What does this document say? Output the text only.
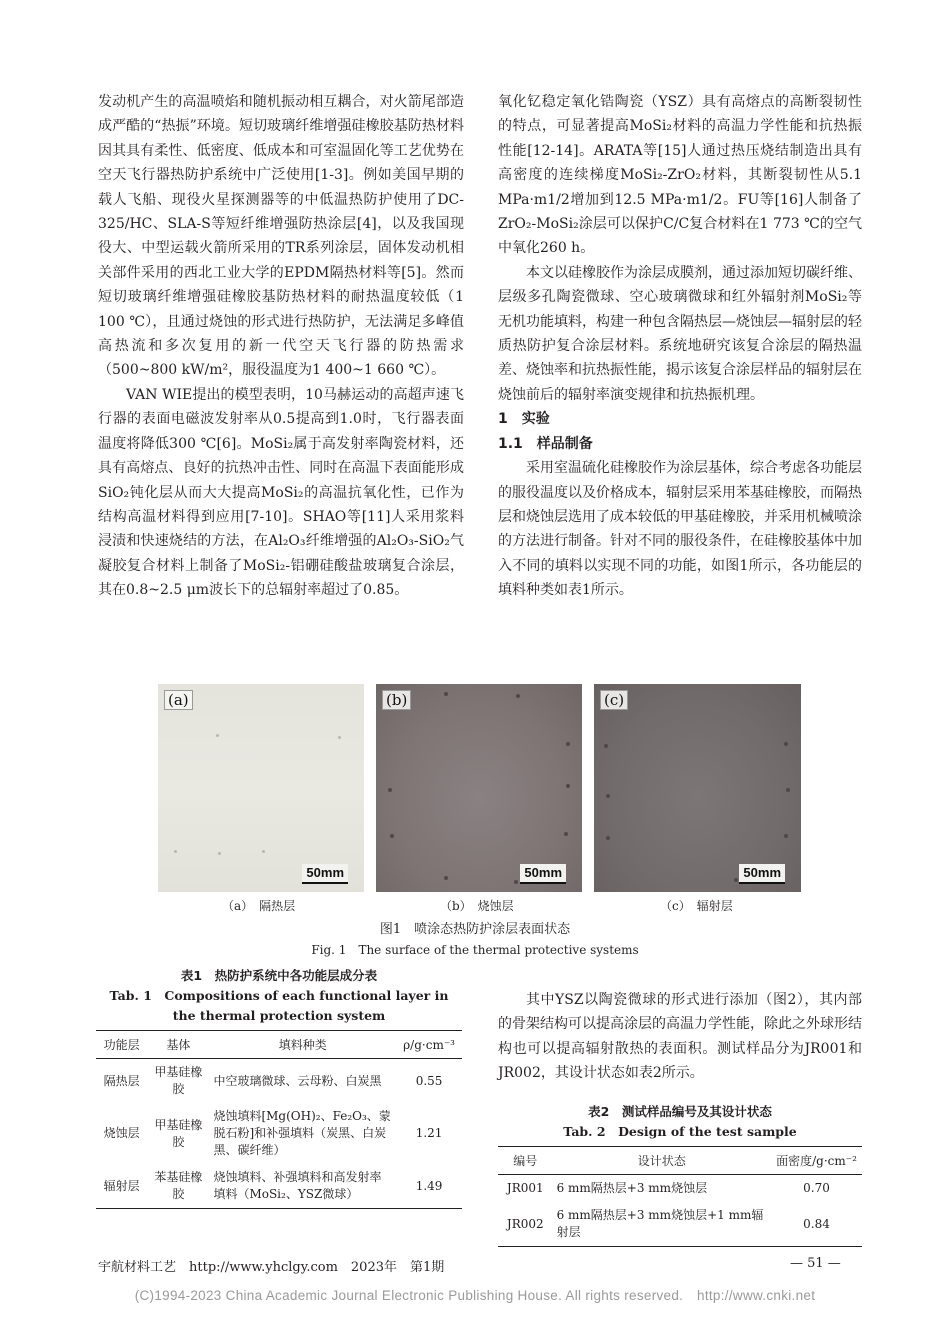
发动机产生的高温喷焰和随机振动相互耦合，对火箭尾部造成严酷的“热振”环境。短切玻璃纤维增强硅橡胶基防热材料因其具有柔性、低密度、低成本和可室温固化等工艺优势在空天飞行器热防护系统中广泛使用[1-3]。例如美国早期的载人飞船、现役火星探测器等的中低温热防护使用了DC-325/HC、SLA-S等短纤维增强防热涂层[4]，以及我国现役大、中型运载火箭所采用的TR系列涂层，固体发动机相关部件采用的西北工业大学的EPDM隔热材料等[5]。然而短切玻璃纤维增强硅橡胶基防热材料的耐热温度较低（1 100 ℃），且通过烧蚀的形式进行热防护，无法满足多峰值高热流和多次复用的新一代空天飞行器的防热需求（500~800 kW/m²，服役温度为1 400~1 660 ℃）。

VAN WIE提出的模型表明，10马赫运动的高超声速飞行器的表面电磁波发射率从0.5提高到1.0时，飞行器表面温度将降低300 ℃[6]。MoSi₂属于高发射率陶瓷材料，还具有高熔点、良好的抗热冲击性、同时在高温下表面能形成SiO₂钝化层从而大大提高MoSi₂的高温抗氧化性，已作为结构高温材料得到应用[7-10]。SHAO等[11]人采用浆料浸渍和快速烧结的方法，在Al₂O₃纤维增强的Al₂O₃-SiO₂气凝胶复合材料上制备了MoSi₂-铝硼硅酸盐玻璃复合涂层，其在0.8~2.5 μm波长下的总辐射率超过了0.85。

氧化钇稳定氧化锆陶瓷（YSZ）具有高熔点的高断裂韧性的特点，可显著提高MoSi₂材料的高温力学性能和抗热振性能[12-14]。ARATA等[15]人通过热压烧结制造出具有高密度的连续梯度MoSi₂-ZrO₂材料，其断裂韧性从5.1 MPa·m1/2增加到12.5 MPa·m1/2。FU等[16]人制备了ZrO₂-MoSi₂涂层可以保护C/C复合材料在1 773 ℃的空气中氧化260 h。

本文以硅橡胶作为涂层成膜剂，通过添加短切碳纤维、层级多孔陶瓷微球、空心玻璃微球和红外辐射剂MoSi₂等无机功能填料，构建一种包含隔热层—烧蚀层—辐射层的轻质热防护复合涂层材料。系统地研究该复合涂层的隔热温差、烧蚀率和抗热振性能，揭示该复合涂层样品的辐射层在烧蚀前后的辐射率演变规律和抗热振机理。

1　实验

1.1　样品制备

采用室温硫化硅橡胶作为涂层基体，综合考虑各功能层的服役温度以及价格成本，辐射层采用苯基硅橡胶，而隔热层和烧蚀层选用了成本较低的甲基硅橡胶，并采用机械喷涂的方法进行制备。针对不同的服役条件，在硅橡胶基体中加入不同的填料以实现不同的功能，如图1所示，各功能层的填料种类如表1所示。

(a)
50mm
(b)
50mm
(c)
50mm
（a）　隔热层	（b）　烧蚀层	（c）　辐射层
图1　喷涂态热防护涂层表面状态
Fig. 1　The surface of the thermal protective systems
表1　热防护系统中各功能层成分表
Tab. 1　Compositions of each functional layer in the thermal protection system
功能层	基体	填料种类	ρ/g·cm⁻³
隔热层	甲基硅橡胶	中空玻璃微球、云母粉、白炭黑	0.55
烧蚀层	甲基硅橡胶	烧蚀填料[Mg(OH)₂、Fe₂O₃、蒙脱石粉]和补强填料（炭黑、白炭黑、碳纤维）	1.21
辐射层	苯基硅橡胶	烧蚀填料、补强填料和高发射率填料（MoSi₂、YSZ微球）	1.49

其中YSZ以陶瓷微球的形式进行添加（图2），其内部的骨架结构可以提高涂层的高温力学性能，除此之外球形结构也可以提高辐射散热的表面积。测试样品分为JR001和JR002，其设计状态如表2所示。

表2　测试样品编号及其设计状态
Tab. 2　Design of the test sample
编号	设计状态	面密度/g·cm⁻²
JR001	6 mm隔热层+3 mm烧蚀层	0.70
JR002	6 mm隔热层+3 mm烧蚀层+1 mm辐射层	0.84
宇航材料工艺　http://www.yhclgy.com　2023年　第1期	— 51 —
(C)1994-2023 China Academic Journal Electronic Publishing House. All rights reserved.　http://www.cnki.net
